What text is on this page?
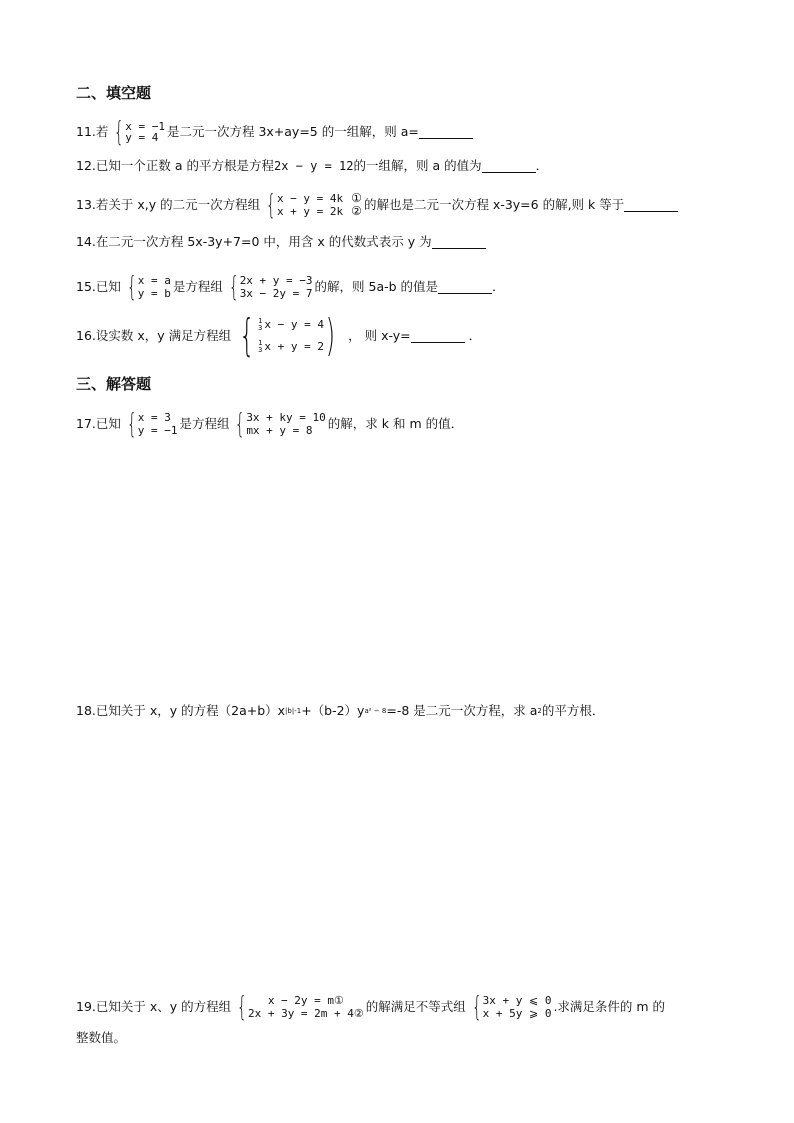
二、填空题
11.若 { x = −1
y = 4 是二元一次方程 3x+ay=5 的一组解，则 a=
12.已知一个正数 a 的平方根是方程 2x − y = 12 的一组解，则 a 的值为	．
13.若关于 x,y 的二元一次方程组 { x − y = 4k
x + y = 2k
①
② 的解也是二元一次方程 x-3y=6 的解,则 k 等于
14.在二元一次方程 5x-3y+7=0 中，用含 x 的代数式表示 y 为
15.已知 { x = a
y = b 是方程组 { 2x + y = −3
3x − 2y = 7 的解，则 5a-b 的值是	．
16.设实数 x，y 满足方程组 { 1
3 x − y = 4
1
3 x + y = 2 ( ， 则 x-y=	．
三、解答题
17.已知 { x = 3
y = −1 是方程组 { 3x + ky = 10
mx + y = 8	的解，求 k 和 m 的值．
18.已知关于 x，y 的方程（2a+b）x |b|-1 +（b-2）y a² − 8 =-8 是二元一次方程，求 a 2 的平方根．
19.已知关于 x、y 的方程组 {	x − 2y = m①
2x + 3y = 2m + 4② 的解满足不等式组 { 3x + y ⩽ 0
x + 5y ⩾ 0 .求满足条件的 m 的
整数值。
